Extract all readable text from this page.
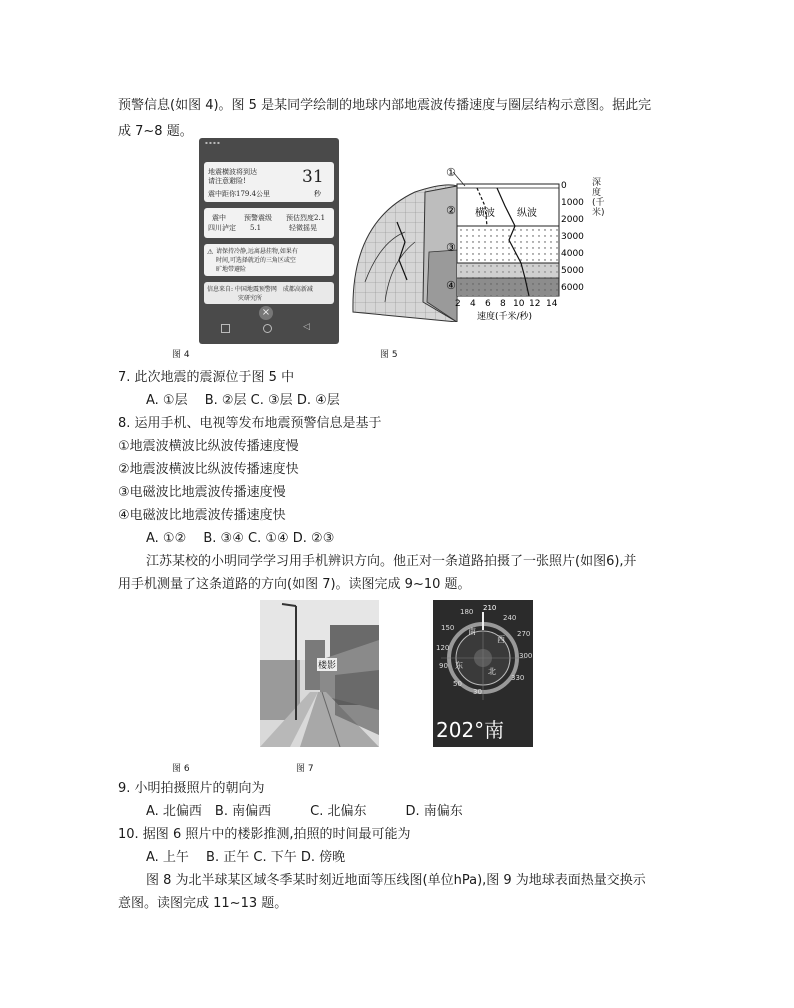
预警信息(如图 4)。图 5 是某同学绘制的地球内部地震波传播速度与圈层结构示意图。据此完
成 7~8 题。
▪ ▪ ▪ ▪
地震横波将到达
请注意避险!
震中距你179.4公里
31
秒
震中	预警震级 预估烈度2.1
四川泸定 5.1	轻微摇晃
⚠ 请保持冷静,远离悬挂物,如果有
时间,可选择就近的三角区或空
旷地带避险
信息来自: 中国地震预警网　成都高新减
灾研究所
×
◁
图 4
①
②
③
④
横波 纵波
0
1000
2000
3000
4000
5000
6000
2 4 6 8 10 12 14
速度(千米/秒)
深度(千米)
图 5
7. 此次地震的震源位于图 5 中
A. ①层　 B. ②层 C. ③层 D. ④层
8. 运用手机、电视等发布地震预警信息是基于
①地震波横波比纵波传播速度慢
②地震波横波比纵波传播速度快
③电磁波比地震波传播速度慢
④电磁波比地震波传播速度快
A. ①②　 B. ③④ C. ①④ D. ②③
江苏某校的小明同学学习用手机辨识方向。他正对一条道路拍摄了一张照片(如图6),并
用手机测量了这条道路的方向(如图 7)。读图完成 9~10 题。
楼影
图 6
180 210
240
270
300
330
30
50
90
120
150 南
西
东
北
202°南
图 7
9. 小明拍摄照片的朝向为
A. 北偏西　B. 南偏西　　　C. 北偏东　　　D. 南偏东
10. 据图 6 照片中的楼影推测,拍照的时间最可能为
A. 上午　 B. 正午 C. 下午 D. 傍晚
图 8 为北半球某区域冬季某时刻近地面等压线图(单位hPa),图 9 为地球表面热量交换示
意图。读图完成 11~13 题。
